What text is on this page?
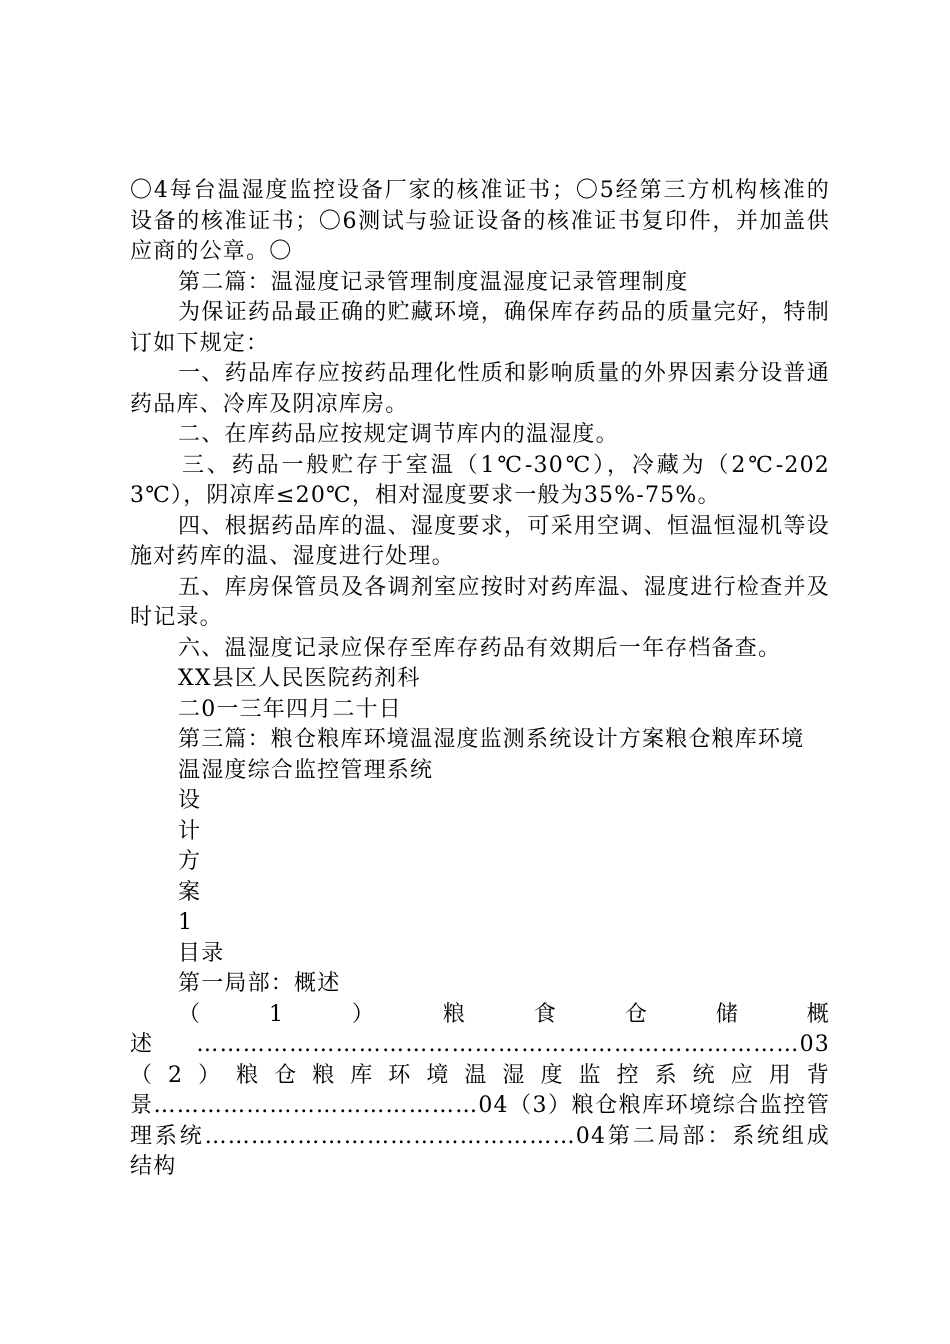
〇4每台温湿度监控设备厂家的核准证书；〇5经第三方机构核准的设备的核准证书；〇6测试与验证设备的核准证书复印件，并加盖供应商的公章。〇

第二篇：温湿度记录管理制度温湿度记录管理制度

为保证药品最正确的贮藏环境，确保库存药品的质量完好，特制订如下规定：

一、药品库存应按药品理化性质和影响质量的外界因素分设普通药品库、冷库及阴凉库房。

二、在库药品应按规定调节库内的温湿度。

三、药品一般贮存于室温（1℃-30℃），冷藏为（2℃-2023℃），阴凉库≤20℃，相对湿度要求一般为35%-75%。

四、根据药品库的温、湿度要求，可采用空调、恒温恒湿机等设施对药库的温、湿度进行处理。

五、库房保管员及各调剂室应按时对药库温、湿度进行检查并及时记录。

六、温湿度记录应保存至库存药品有效期后一年存档备查。

XX县区人民医院药剂科

二0一三年四月二十日

第三篇：粮仓粮库环境温湿度监测系统设计方案粮仓粮库环境

温湿度综合监控管理系统

设

计

方

案

1

目录

第一局部：概述

（1）粮食仓储概述……………………………………………………………………03（2）粮仓粮库环境温湿度监控系统应用背景……………………………………04（3）粮仓粮库环境综合监控管理系统…………………………………………04第二局部：系统组成结构
